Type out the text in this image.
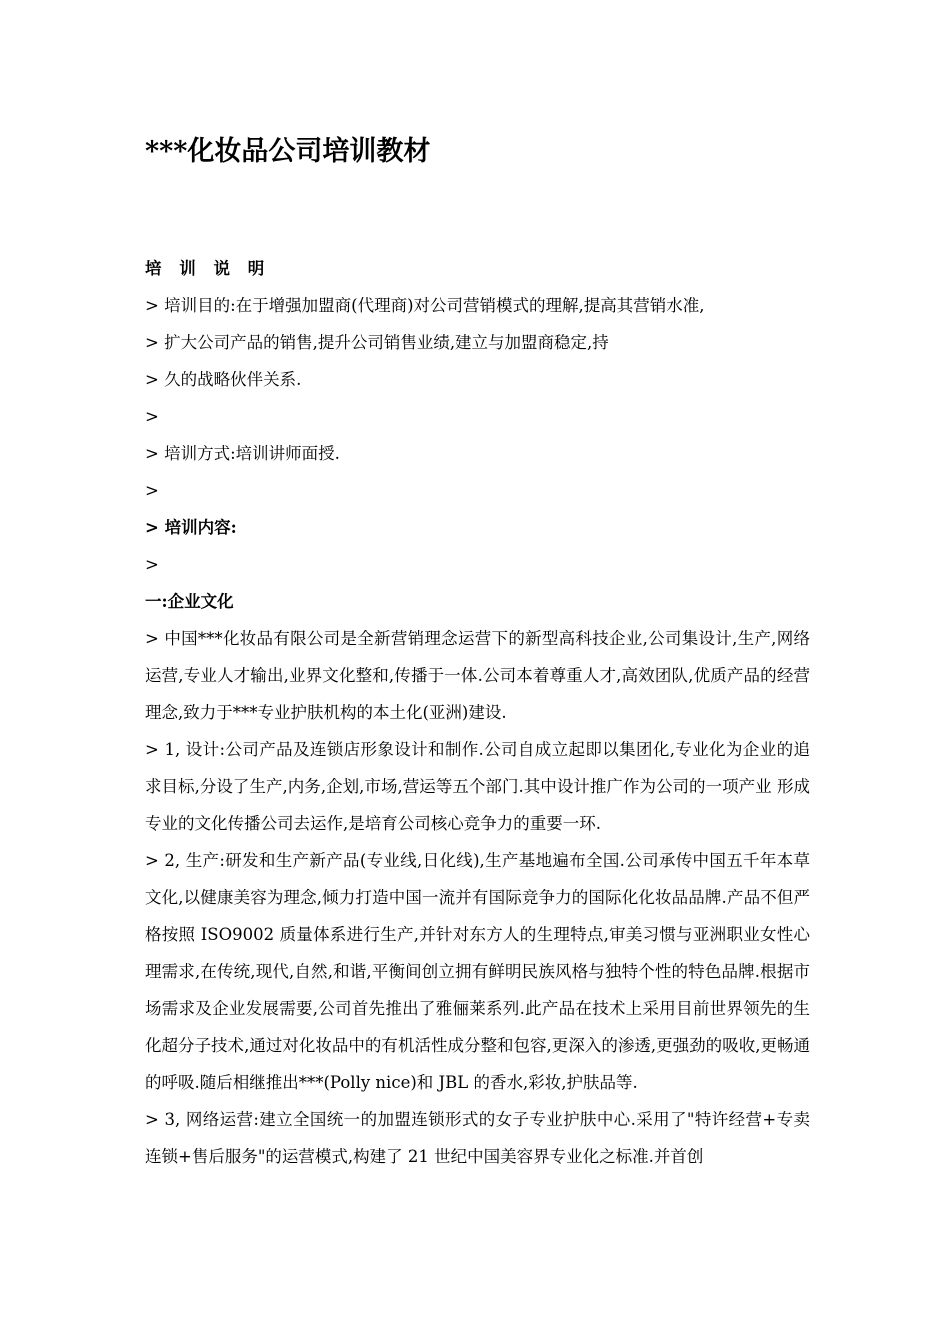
***化妆品公司培训教材

培 训 说 明

> 培训目的:在于增强加盟商(代理商)对公司营销模式的理解,提高其营销水准,

> 扩大公司产品的销售,提升公司销售业绩,建立与加盟商稳定,持

> 久的战略伙伴关系.

>

> 培训方式:培训讲师面授.

>

> 培训内容:

>

一:企业文化

> 中国***化妆品有限公司是全新营销理念运营下的新型高科技企业,公司集设计,生产,网络运营,专业人才输出,业界文化整和,传播于一体.公司本着尊重人才,高效团队,优质产品的经营理念,致力于***专业护肤机构的本土化(亚洲)建设.

> 1, 设计:公司产品及连锁店形象设计和制作.公司自成立起即以集团化,专业化为企业的追求目标,分设了生产,内务,企划,市场,营运等五个部门.其中设计推广作为公司的一项产业 形成专业的文化传播公司去运作,是培育公司核心竞争力的重要一环.

> 2, 生产:研发和生产新产品(专业线,日化线),生产基地遍布全国.公司承传中国五千年本草文化,以健康美容为理念,倾力打造中国一流并有国际竞争力的国际化化妆品品牌.产品不但严格按照 ISO9002 质量体系进行生产,并针对东方人的生理特点,审美习惯与亚洲职业女性心理需求,在传统,现代,自然,和谐,平衡间创立拥有鲜明民族风格与独特个性的特色品牌.根据市场需求及企业发展需要,公司首先推出了雅俪莱系列.此产品在技术上采用目前世界领先的生化超分子技术,通过对化妆品中的有机活性成分整和包容,更深入的渗透,更强劲的吸收,更畅通的呼吸.随后相继推出***(Polly nice)和 JBL 的香水,彩妆,护肤品等.

> 3, 网络运营:建立全国统一的加盟连锁形式的女子专业护肤中心.采用了"特许经营+专卖连锁+售后服务"的运营模式,构建了 21 世纪中国美容界专业化之标准.并首创
